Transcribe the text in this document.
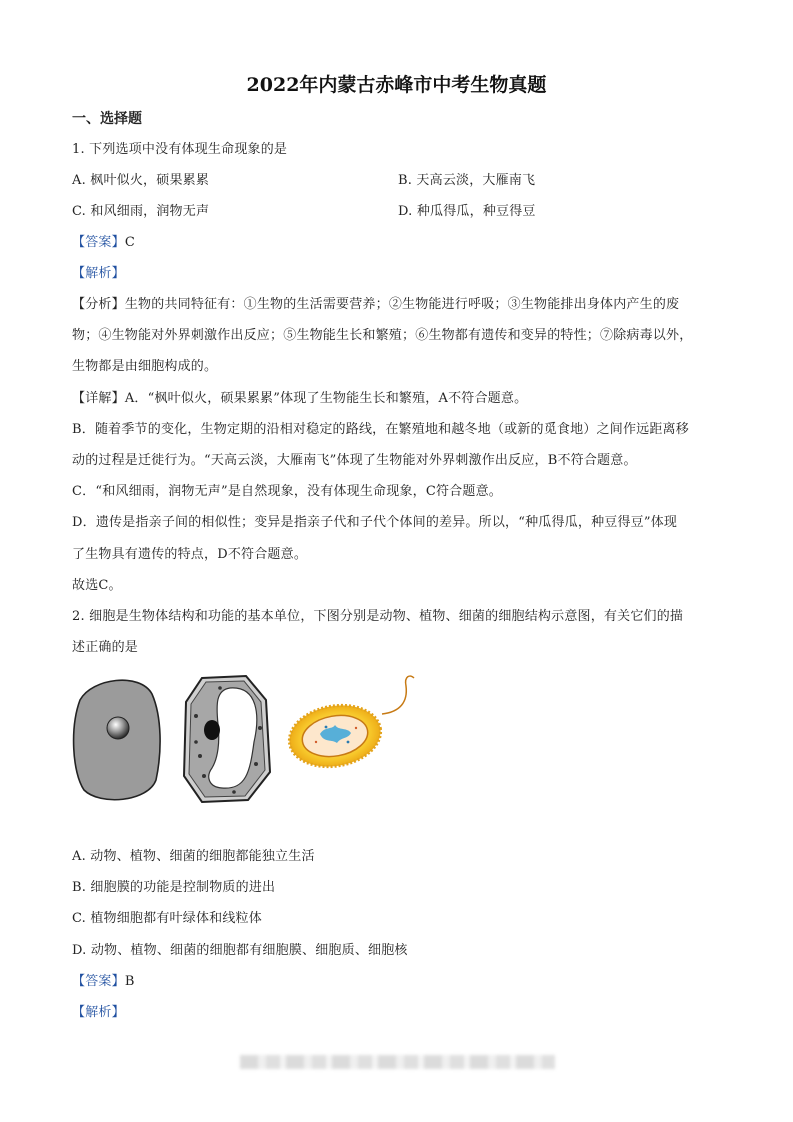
2022年内蒙古赤峰市中考生物真题
一、选择题
1. 下列选项中没有体现生命现象的是
A. 枫叶似火，硕果累累	B. 天高云淡，大雁南飞
C. 和风细雨，润物无声	D. 种瓜得瓜，种豆得豆
【答案】C
【解析】
【分析】生物的共同特征有：①生物的生活需要营养；②生物能进行呼吸；③生物能排出身体内产生的废
物；④生物能对外界刺激作出反应；⑤生物能生长和繁殖；⑥生物都有遗传和变异的特性；⑦除病毒以外，
生物都是由细胞构成的。
【详解】A．“枫叶似火，硕果累累”体现了生物能生长和繁殖，A不符合题意。
B．随着季节的变化，生物定期的沿相对稳定的路线，在繁殖地和越冬地（或新的觅食地）之间作远距离移
动的过程是迁徙行为。“天高云淡，大雁南飞”体现了生物能对外界刺激作出反应，B不符合题意。
C．“和风细雨，润物无声”是自然现象，没有体现生命现象，C符合题意。
D．遗传是指亲子间的相似性；变异是指亲子代和子代个体间的差异。所以，“种瓜得瓜，种豆得豆”体现
了生物具有遗传的特点，D不符合题意。
故选C。
2. 细胞是生物体结构和功能的基本单位，下图分别是动物、植物、细菌的细胞结构示意图，有关它们的描
述正确的是
A. 动物、植物、细菌的细胞都能独立生活
B. 细胞膜的功能是控制物质的进出
C. 植物细胞都有叶绿体和线粒体
D. 动物、植物、细菌的细胞都有细胞膜、细胞质、细胞核
【答案】B
【解析】
